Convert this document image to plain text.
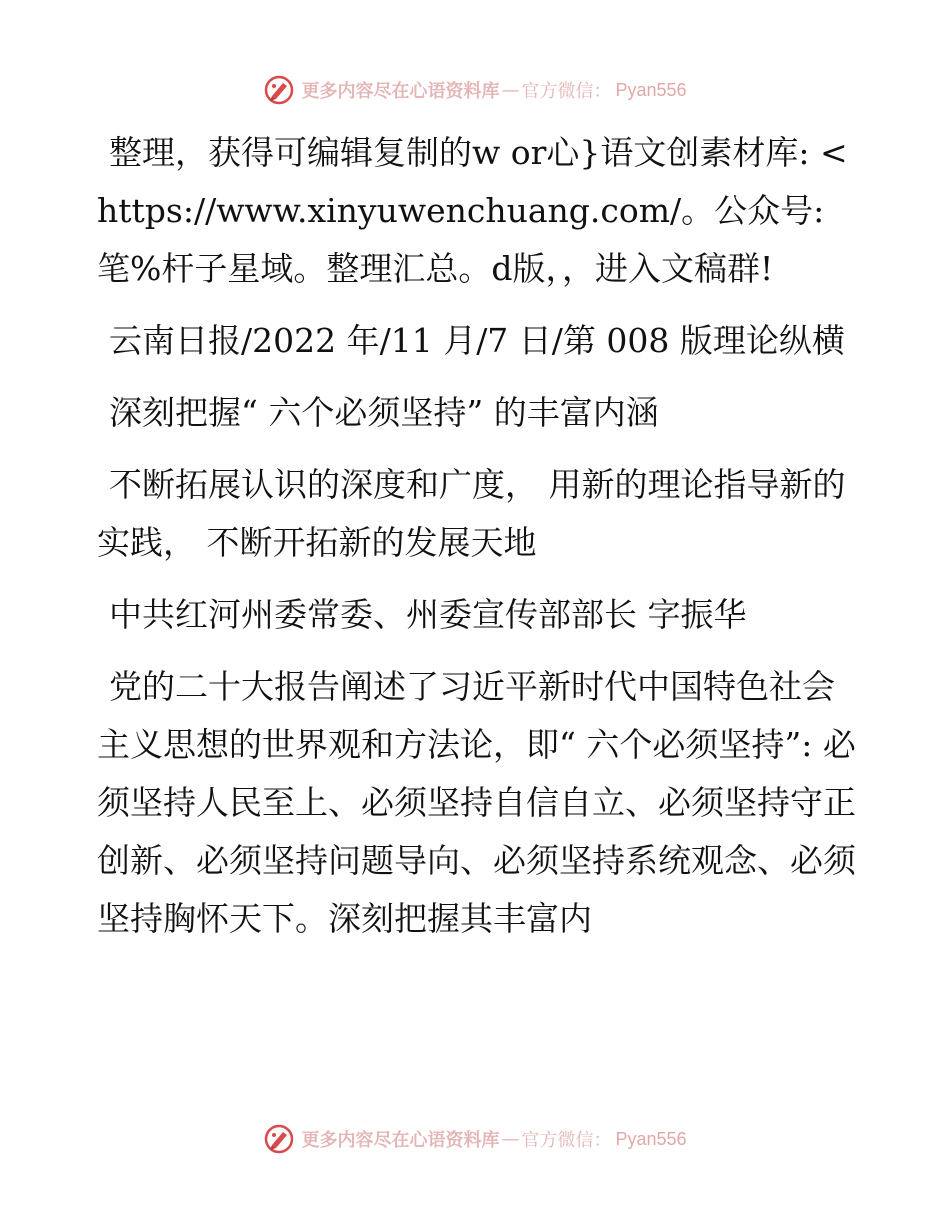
更多内容尽在心语资料库 — 官方微信： Pyan556

整理，获得可编辑复制的w or心}语文创素材库: <https://www.xinyuwenchuang.com/。公众号: 笔%杆子星域。整理汇总。d版，，进入文稿群!

云南日报/2022 年/11 月/7 日/第 008 版理论纵横

深刻把握“ 六个必须坚持” 的丰富内涵

不断拓展认识的深度和广度， 用新的理论指导新的实践， 不断开拓新的发展天地

中共红河州委常委、州委宣传部部长 字振华

党的二十大报告阐述了习近平新时代中国特色社会主义思想的世界观和方法论，即“ 六个必须坚持”: 必须坚持人民至上、必须坚持自信自立、必须坚持守正创新、必须坚持问题导向、必须坚持系统观念、必须坚持胸怀天下。深刻把握其丰富内

更多内容尽在心语资料库 — 官方微信： Pyan556
